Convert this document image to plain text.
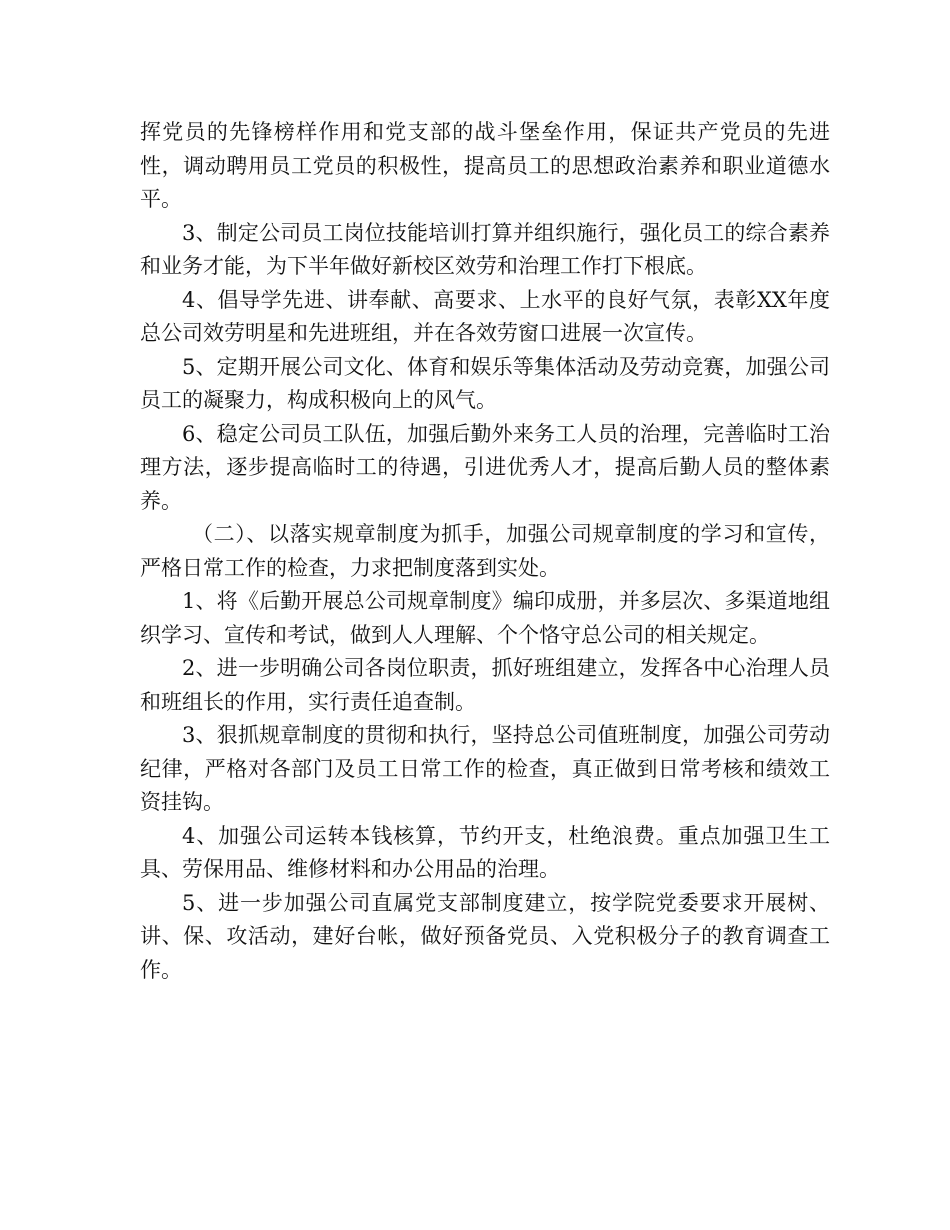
挥党员的先锋榜样作用和党支部的战斗堡垒作用，保证共产党员的先进性，调动聘用员工党员的积极性，提高员工的思想政治素养和职业道德水平。

3、制定公司员工岗位技能培训打算并组织施行，强化员工的综合素养和业务才能，为下半年做好新校区效劳和治理工作打下根底。

4、倡导学先进、讲奉献、高要求、上水平的良好气氛，表彰XX年度总公司效劳明星和先进班组，并在各效劳窗口进展一次宣传。

5、定期开展公司文化、体育和娱乐等集体活动及劳动竞赛，加强公司员工的凝聚力，构成积极向上的风气。

6、稳定公司员工队伍，加强后勤外来务工人员的治理，完善临时工治理方法，逐步提高临时工的待遇，引进优秀人才，提高后勤人员的整体素养。

（二）、以落实规章制度为抓手，加强公司规章制度的学习和宣传，严格日常工作的检查，力求把制度落到实处。

1、将《后勤开展总公司规章制度》编印成册，并多层次、多渠道地组织学习、宣传和考试，做到人人理解、个个恪守总公司的相关规定。

2、进一步明确公司各岗位职责，抓好班组建立，发挥各中心治理人员和班组长的作用，实行责任追查制。

3、狠抓规章制度的贯彻和执行，坚持总公司值班制度，加强公司劳动纪律，严格对各部门及员工日常工作的检查，真正做到日常考核和绩效工资挂钩。

4、加强公司运转本钱核算，节约开支，杜绝浪费。重点加强卫生工具、劳保用品、维修材料和办公用品的治理。

5、进一步加强公司直属党支部制度建立，按学院党委要求开展树、讲、保、攻活动，建好台帐，做好预备党员、入党积极分子的教育调查工作。
